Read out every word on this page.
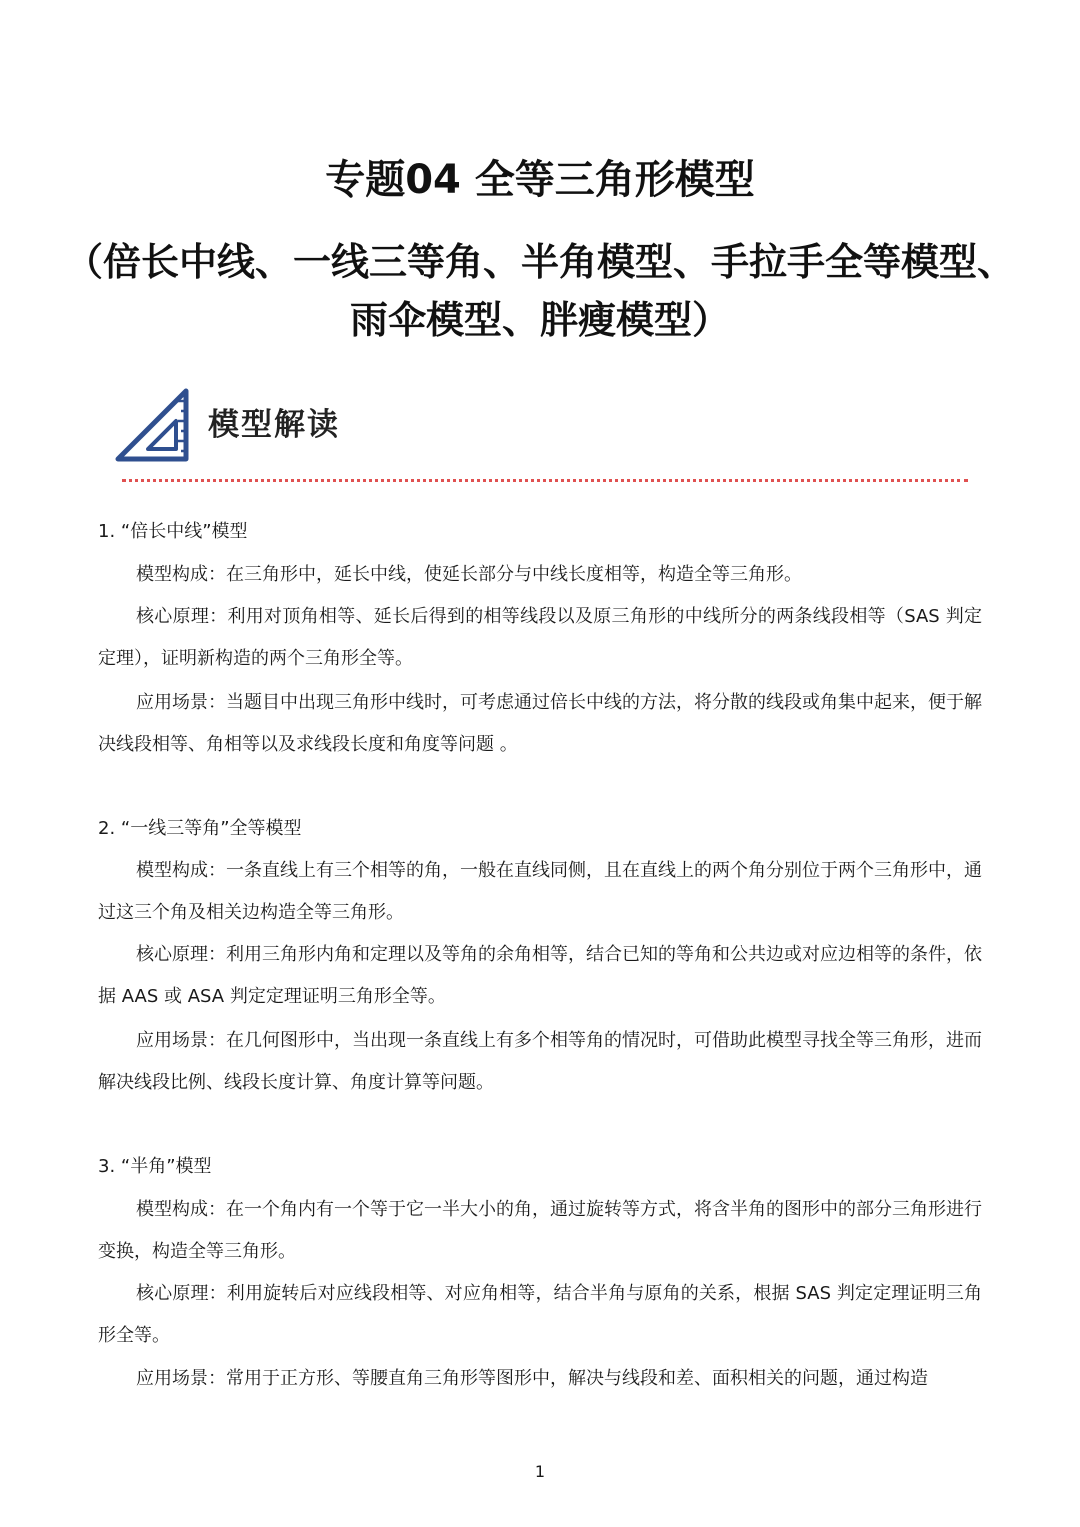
专题04 全等三角形模型
（倍长中线、一线三等角、半角模型、手拉手全等模型、
雨伞模型、胖瘦模型）
模型解读

1. “倍长中线”模型

模型构成：在三角形中，延长中线，使延长部分与中线长度相等，构造全等三角形。

核心原理：利用对顶角相等、延长后得到的相等线段以及原三角形的中线所分的两条线段相等（SAS 判定定理），证明新构造的两个三角形全等。

应用场景：当题目中出现三角形中线时，可考虑通过倍长中线的方法，将分散的线段或角集中起来，便于解决线段相等、角相等以及求线段长度和角度等问题 。

2. “一线三等角”全等模型

模型构成：一条直线上有三个相等的角，一般在直线同侧，且在直线上的两个角分别位于两个三角形中，通过这三个角及相关边构造全等三角形。

核心原理：利用三角形内角和定理以及等角的余角相等，结合已知的等角和公共边或对应边相等的条件，依据 AAS 或 ASA 判定定理证明三角形全等。

应用场景：在几何图形中，当出现一条直线上有多个相等角的情况时，可借助此模型寻找全等三角形，进而解决线段比例、线段长度计算、角度计算等问题。

3. “半角”模型

模型构成：在一个角内有一个等于它一半大小的角，通过旋转等方式，将含半角的图形中的部分三角形进行变换，构造全等三角形。

核心原理：利用旋转后对应线段相等、对应角相等，结合半角与原角的关系，根据 SAS 判定定理证明三角形全等。

应用场景：常用于正方形、等腰直角三角形等图形中，解决与线段和差、面积相关的问题，通过构造

1
